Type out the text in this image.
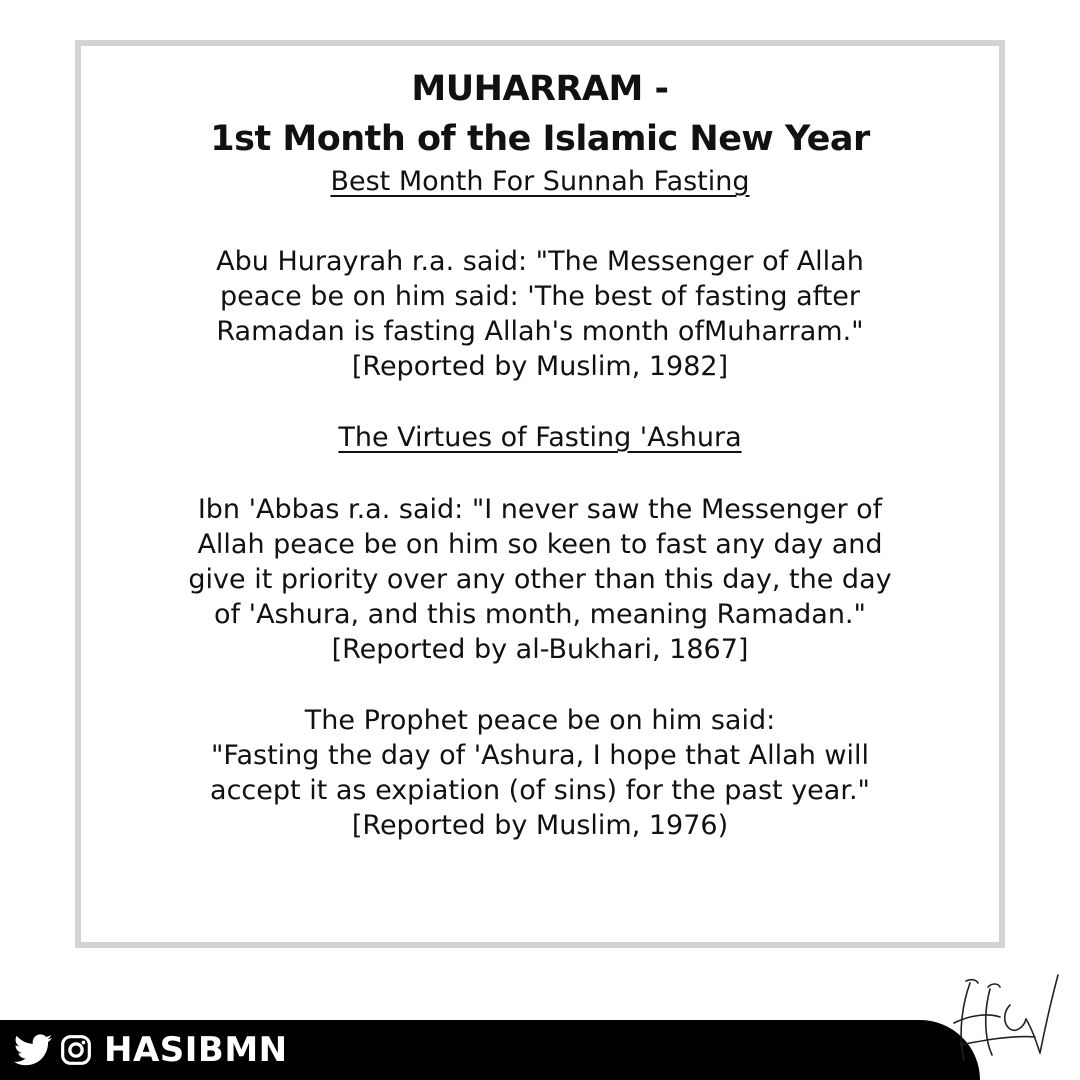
MUHARRAM -

1st Month of the Islamic New Year

Best Month For Sunnah Fasting

Abu Hurayrah r.a. said: "The Messenger of Allah

peace be on him said: 'The best of fasting after

Ramadan is fasting Allah's month ofMuharram."

[Reported by Muslim, 1982]

The Virtues of Fasting 'Ashura

Ibn 'Abbas r.a. said: "I never saw the Messenger of

Allah peace be on him so keen to fast any day and

give it priority over any other than this day, the day

of 'Ashura, and this month, meaning Ramadan."

[Reported by al-Bukhari, 1867]

The Prophet peace be on him said:

"Fasting the day of 'Ashura, I hope that Allah will

accept it as expiation (of sins) for the past year."

[Reported by Muslim, 1976)

HASIBMN
